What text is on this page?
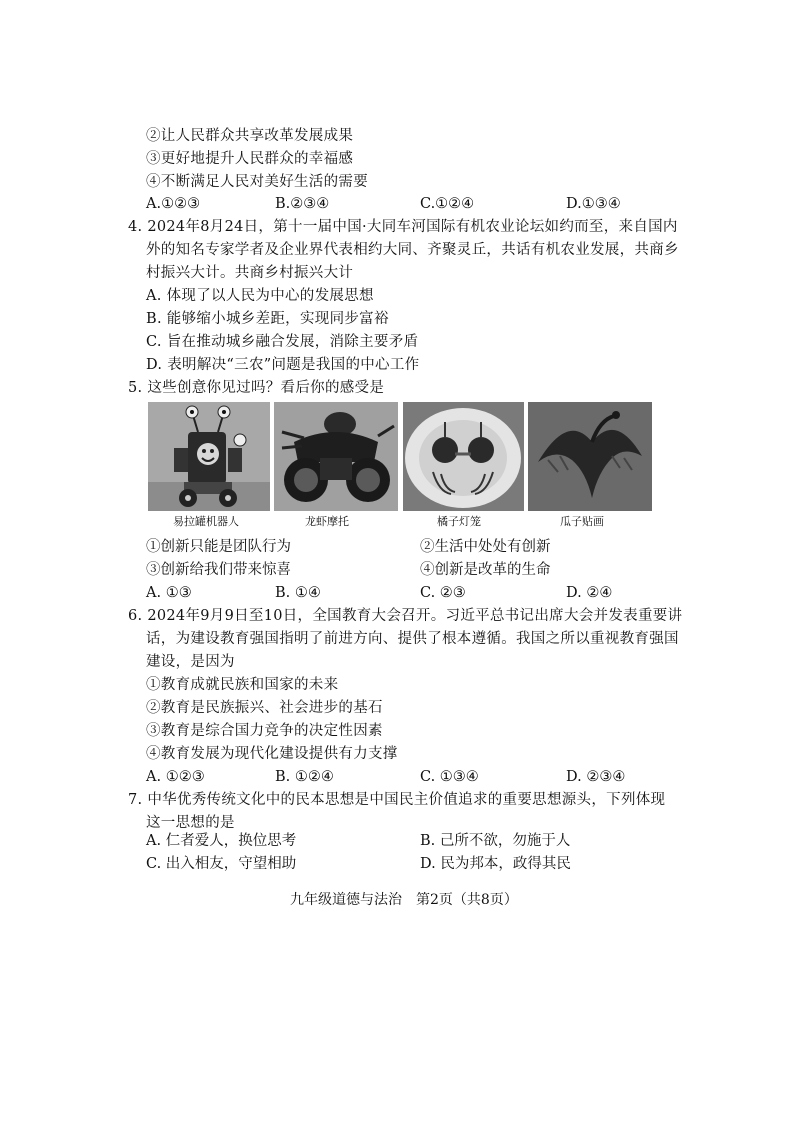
②让人民群众共享改革发展成果
③更好地提升人民群众的幸福感
④不断满足人民对美好生活的需要
A.①②③	B.②③④	C.①②④	D.①③④
4. 2024年8月24日，第十一届中国·大同车河国际有机农业论坛如约而至，来自国内
外的知名专家学者及企业界代表相约大同、齐聚灵丘，共话有机农业发展，共商乡
村振兴大计。共商乡村振兴大计
A. 体现了以人民为中心的发展思想
B. 能够缩小城乡差距，实现同步富裕
C. 旨在推动城乡融合发展，消除主要矛盾
D. 表明解决“三农”问题是我国的中心工作
5. 这些创意你见过吗？看后你的感受是
易拉罐机器人	龙虾摩托	橘子灯笼	瓜子贴画
①创新只能是团队行为	②生活中处处有创新
③创新给我们带来惊喜	④创新是改革的生命
A. ①③	B. ①④	C. ②③	D. ②④
6. 2024年9月9日至10日，全国教育大会召开。习近平总书记出席大会并发表重要讲
话，为建设教育强国指明了前进方向、提供了根本遵循。我国之所以重视教育强国
建设，是因为
①教育成就民族和国家的未来
②教育是民族振兴、社会进步的基石
③教育是综合国力竞争的决定性因素
④教育发展为现代化建设提供有力支撑
A. ①②③	B. ①②④	C. ①③④	D. ②③④
7. 中华优秀传统文化中的民本思想是中国民主价值追求的重要思想源头，下列体现
这一思想的是
A. 仁者爱人，换位思考	B. 己所不欲，勿施于人
C. 出入相友，守望相助	D. 民为邦本，政得其民
九年级道德与法治　第2页（共8页）
